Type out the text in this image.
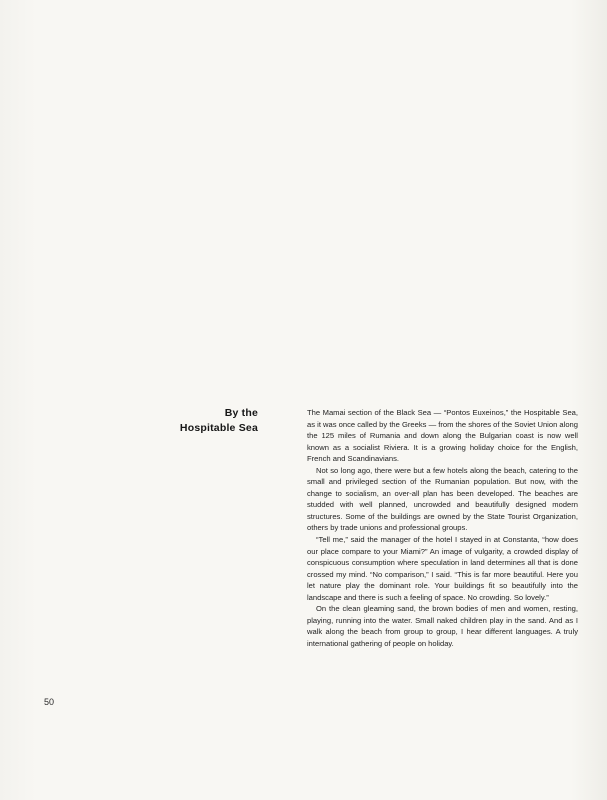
By the
Hospitable Sea

The Mamai section of the Black Sea — “Pontos Euxeinos,” the Hospitable Sea, as it was once called by the Greeks — from the shores of the Soviet Union along the 125 miles of Rumania and down along the Bulgarian coast is now well known as a socialist Riviera. It is a growing holiday choice for the English, French and Scandinavians.

Not so long ago, there were but a few hotels along the beach, catering to the small and privileged section of the Rumanian population. But now, with the change to socialism, an over-all plan has been developed. The beaches are studded with well planned, uncrowded and beautifully designed modern structures. Some of the buildings are owned by the State Tourist Organization, others by trade unions and professional groups.

“Tell me,” said the manager of the hotel I stayed in at Constanta, “how does our place compare to your Miami?” An image of vulgarity, a crowded display of conspicuous consumption where speculation in land determines all that is done crossed my mind. “No comparison,” I said. “This is far more beautiful. Here you let nature play the dominant role. Your buildings fit so beautifully into the landscape and there is such a feeling of space. No crowding. So lovely.”

On the clean gleaming sand, the brown bodies of men and women, resting, playing, running into the water. Small naked children play in the sand. And as I walk along the beach from group to group, I hear different languages. A truly international gathering of people on holiday.

50
